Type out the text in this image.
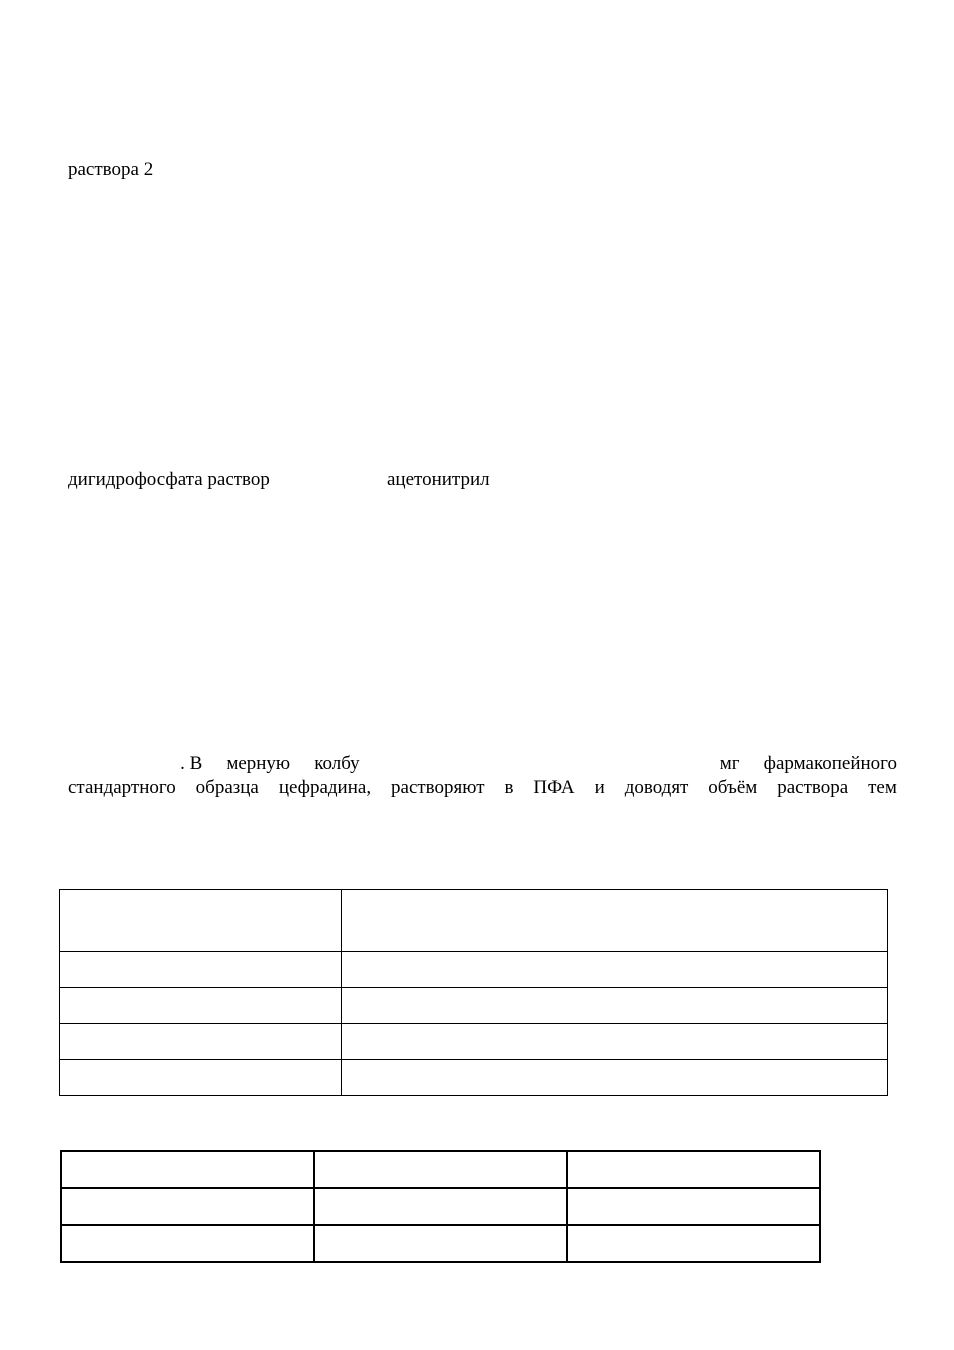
раствора 2
дигидрофосфата раствор	ацетонитрил
. В мерную колбу	мг фармакопейного
стандартного образца цефрадина, растворяют в ПФА и доводят объём раствора тем
